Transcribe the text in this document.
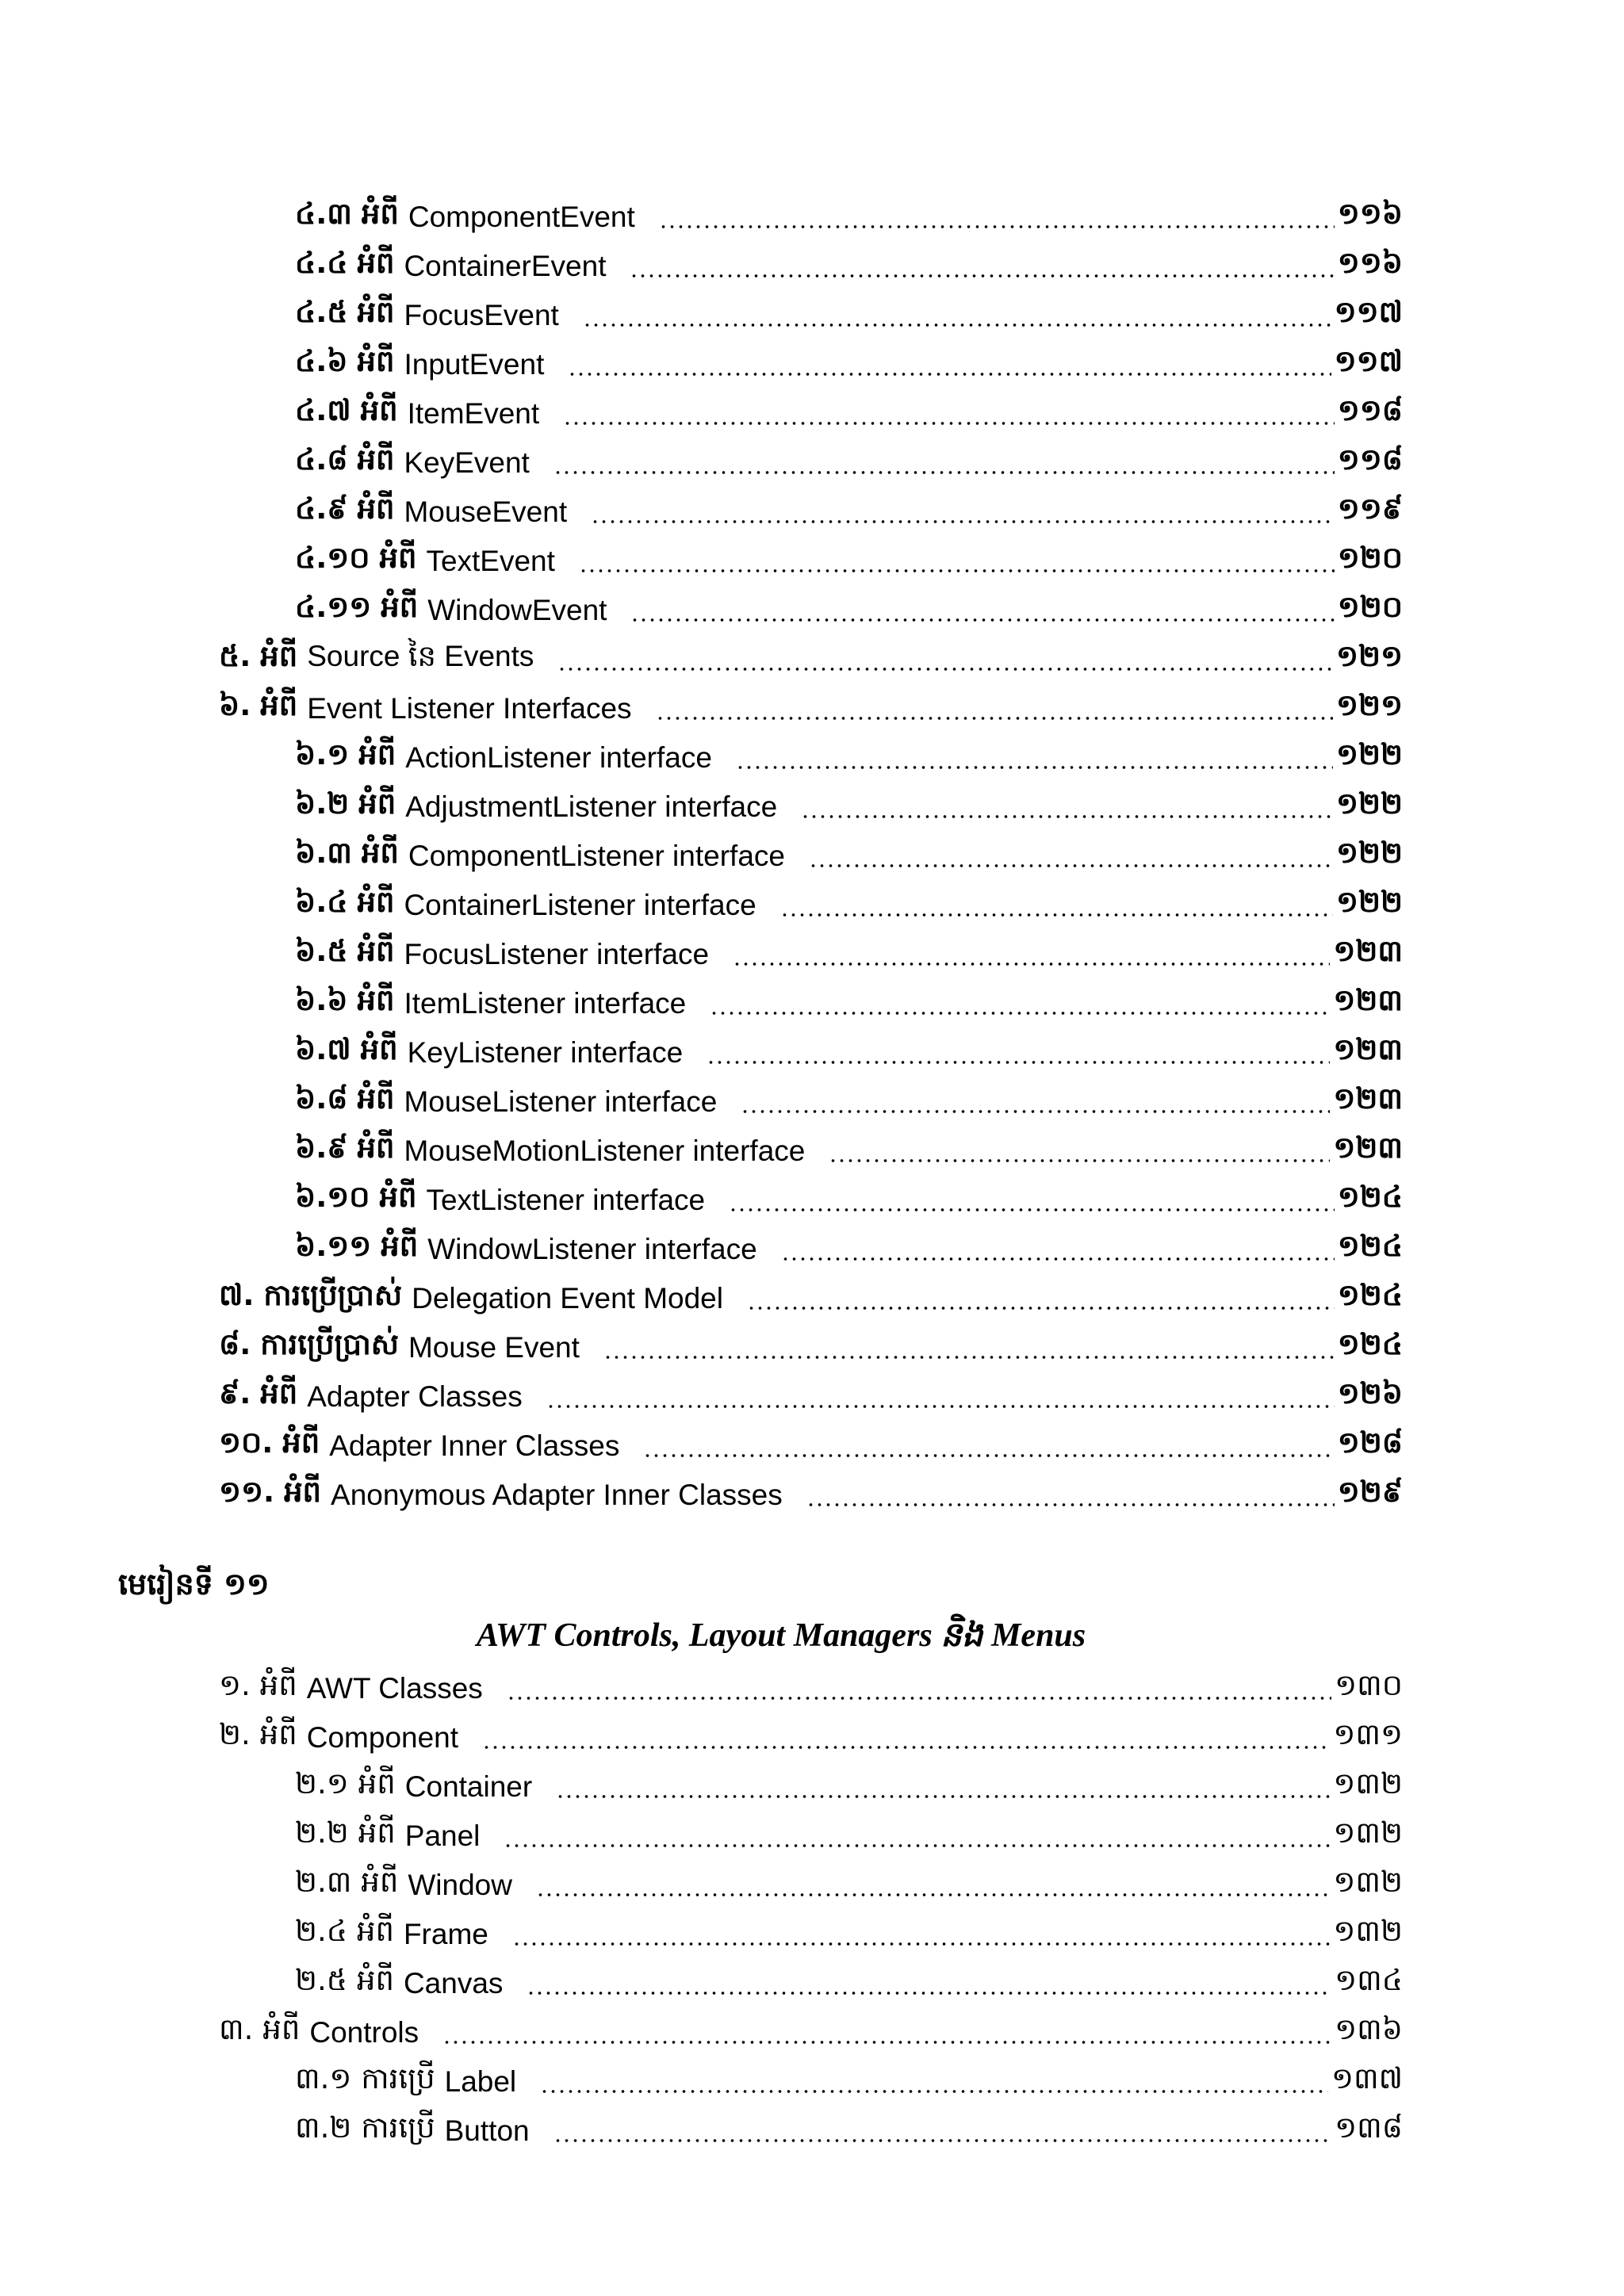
៤.៣ អំពី ComponentEvent	១១៦
៤.៤ អំពី ContainerEvent	១១៦
៤.៥ អំពី FocusEvent	១១៧
៤.៦ អំពី InputEvent	១១៧
៤.៧ អំពី ItemEvent	១១៨
៤.៨ អំពី KeyEvent	១១៨
៤.៩ អំពី MouseEvent	១១៩
៤.១០ អំពី TextEvent	១២០
៤.១១ អំពី WindowEvent	១២០
៥. អំពី Source នៃ Events	១២១
៦. អំពី Event Listener Interfaces	១២១
៦.១ អំពី ActionListener interface	១២២
៦.២ អំពី AdjustmentListener interface	១២២
៦.៣ អំពី ComponentListener interface	១២២
៦.៤ អំពី ContainerListener interface	១២២
៦.៥ អំពី FocusListener interface	១២៣
៦.៦ អំពី ItemListener interface	១២៣
៦.៧ អំពី KeyListener interface	១២៣
៦.៨ អំពី MouseListener interface	១២៣
៦.៩ អំពី MouseMotionListener interface	១២៣
៦.១០ អំពី TextListener interface	១២៤
៦.១១ អំពី WindowListener interface	១២៤
៧. ការប្រើប្រាស់ Delegation Event Model	១២៤
៨. ការប្រើប្រាស់ Mouse Event	១២៤
៩. អំពី Adapter Classes	១២៦
១០. អំពី Adapter Inner Classes	១២៨
១១. អំពី Anonymous Adapter Inner Classes	១២៩
មេរៀនទី ១១
AWT Controls, Layout Managers និង Menus
១. អំពី AWT Classes	១៣០
២. អំពី Component	១៣១
២.១ អំពី Container	១៣២
២.២ អំពី Panel	១៣២
២.៣ អំពី Window	១៣២
២.៤ អំពី Frame	១៣២
២.៥ អំពី Canvas	១៣៤
៣. អំពី Controls	១៣៦
៣.១ ការប្រើ Label	១៣៧
៣.២ ការប្រើ Button	១៣៨
